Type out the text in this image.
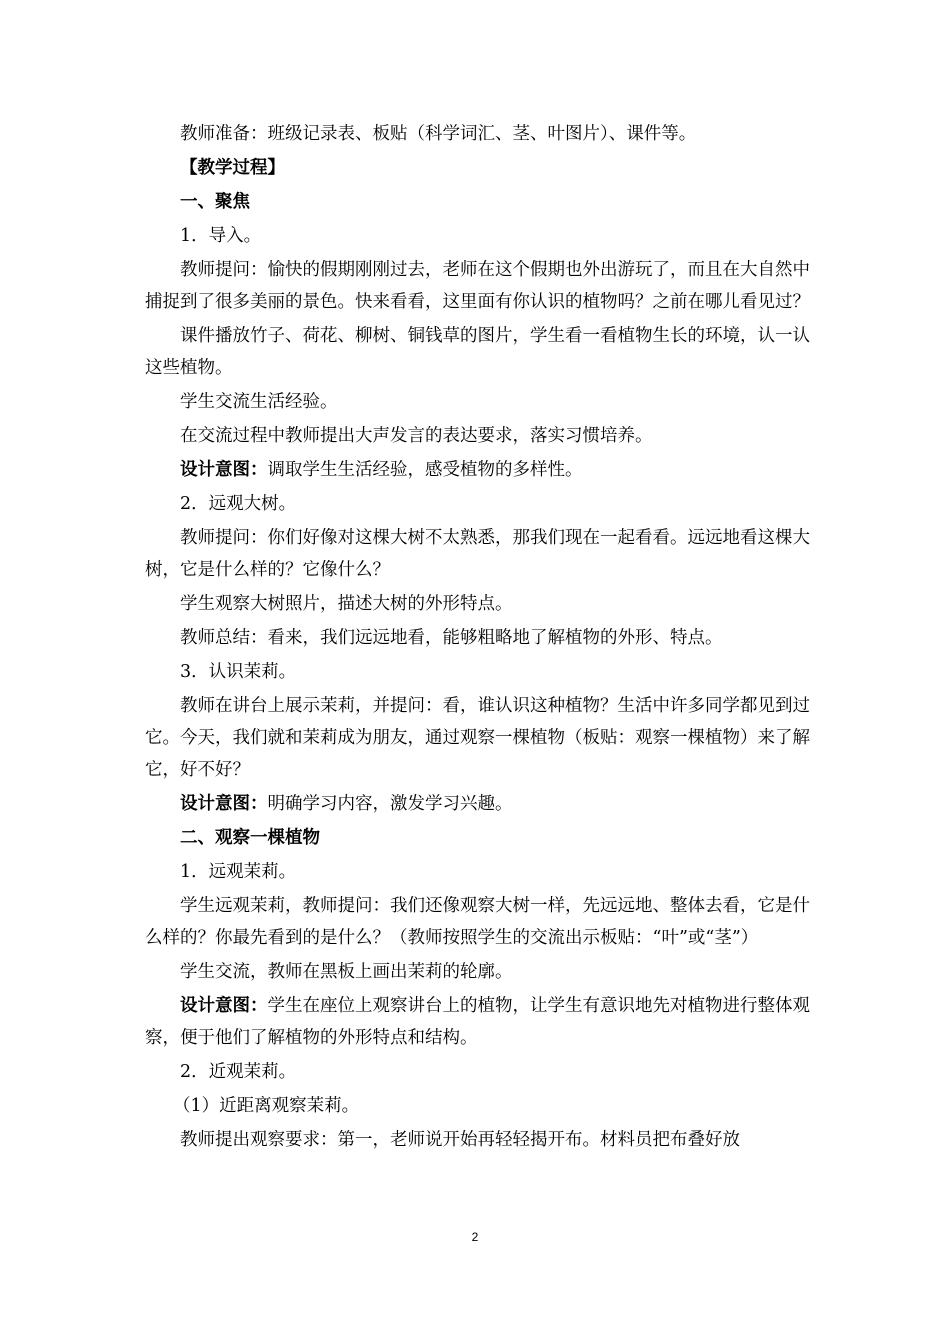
教师准备：班级记录表、板贴（科学词汇、茎、叶图片）、课件等。

【教学过程】

一、聚焦

1．导入。

教师提问：愉快的假期刚刚过去，老师在这个假期也外出游玩了，而且在大自然中捕捉到了很多美丽的景色。快来看看，这里面有你认识的植物吗？之前在哪儿看见过？

课件播放竹子、荷花、柳树、铜钱草的图片，学生看一看植物生长的环境，认一认这些植物。

学生交流生活经验。

在交流过程中教师提出大声发言的表达要求，落实习惯培养。

设计意图：调取学生生活经验，感受植物的多样性。

2．远观大树。

教师提问：你们好像对这棵大树不太熟悉，那我们现在一起看看。远远地看这棵大树，它是什么样的？它像什么？

学生观察大树照片，描述大树的外形特点。

教师总结：看来，我们远远地看，能够粗略地了解植物的外形、特点。

3．认识茉莉。

教师在讲台上展示茉莉，并提问：看，谁认识这种植物？生活中许多同学都见到过它。今天，我们就和茉莉成为朋友，通过观察一棵植物（板贴：观察一棵植物）来了解它，好不好？

设计意图：明确学习内容，激发学习兴趣。

二、观察一棵植物

1．远观茉莉。

学生远观茉莉，教师提问：我们还像观察大树一样，先远远地、整体去看，它是什么样的？你最先看到的是什么？（教师按照学生的交流出示板贴：“叶”或“茎”）

学生交流，教师在黑板上画出茉莉的轮廓。

设计意图：学生在座位上观察讲台上的植物，让学生有意识地先对植物进行整体观察，便于他们了解植物的外形特点和结构。

2．近观茉莉。

（1）近距离观察茉莉。

教师提出观察要求：第一，老师说开始再轻轻揭开布。材料员把布叠好放

2
